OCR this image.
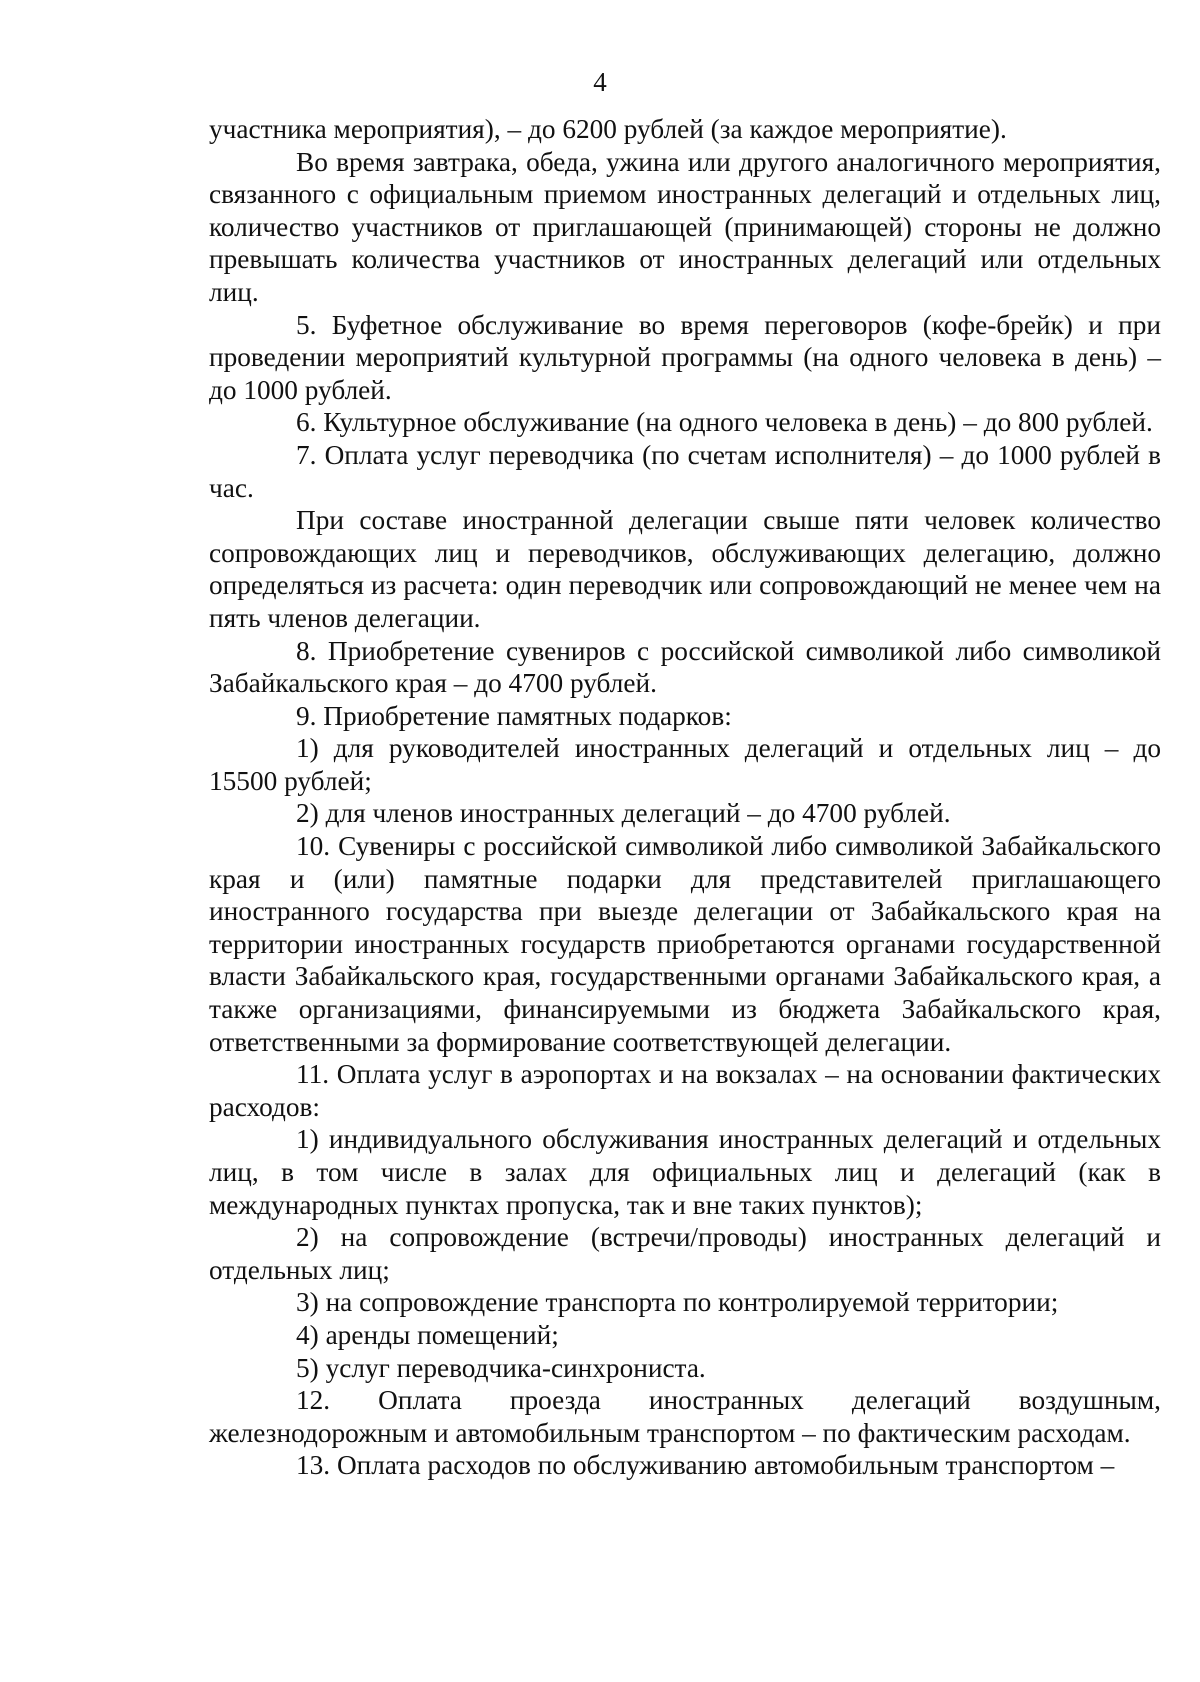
4

участника мероприятия), – до 6200 рублей (за каждое мероприятие).

Во время завтрака, обеда, ужина или другого аналогичного мероприятия, связанного с официальным приемом иностранных делегаций и отдельных лиц, количество участников от приглашающей (принимающей) стороны не должно превышать количества участников от иностранных делегаций или отдельных лиц.

5. Буфетное обслуживание во время переговоров (кофе-брейк) и при проведении мероприятий культурной программы (на одного человека в день) – до 1000 рублей.

6. Культурное обслуживание (на одного человека в день) – до 800 рублей.

7. Оплата услуг переводчика (по счетам исполнителя) – до 1000 рублей в час.

При составе иностранной делегации свыше пяти человек количество сопровождающих лиц и переводчиков, обслуживающих делегацию, должно определяться из расчета: один переводчик или сопровождающий не менее чем на пять членов делегации.

8. Приобретение сувениров с российской символикой либо символикой Забайкальского края – до 4700 рублей.

9. Приобретение памятных подарков:

1) для руководителей иностранных делегаций и отдельных лиц – до 15500 рублей;

2) для членов иностранных делегаций – до 4700 рублей.

10. Сувениры с российской символикой либо символикой Забайкальского края и (или) памятные подарки для представителей приглашающего иностранного государства при выезде делегации от Забайкальского края на территории иностранных государств приобретаются органами государственной власти Забайкальского края, государственными органами Забайкальского края, а также организациями, финансируемыми из бюджета Забайкальского края, ответственными за формирование соответствующей делегации.

11. Оплата услуг в аэропортах и на вокзалах – на основании фактических расходов:

1) индивидуального обслуживания иностранных делегаций и отдельных лиц, в том числе в залах для официальных лиц и делегаций (как в международных пунктах пропуска, так и вне таких пунктов);

2) на сопровождение (встречи/проводы) иностранных делегаций и отдельных лиц;

3) на сопровождение транспорта по контролируемой территории;

4) аренды помещений;

5) услуг переводчика-синхрониста.

12. Оплата проезда иностранных делегаций воздушным, железнодорожным и автомобильным транспортом – по фактическим расходам.

13. Оплата расходов по обслуживанию автомобильным транспортом –
